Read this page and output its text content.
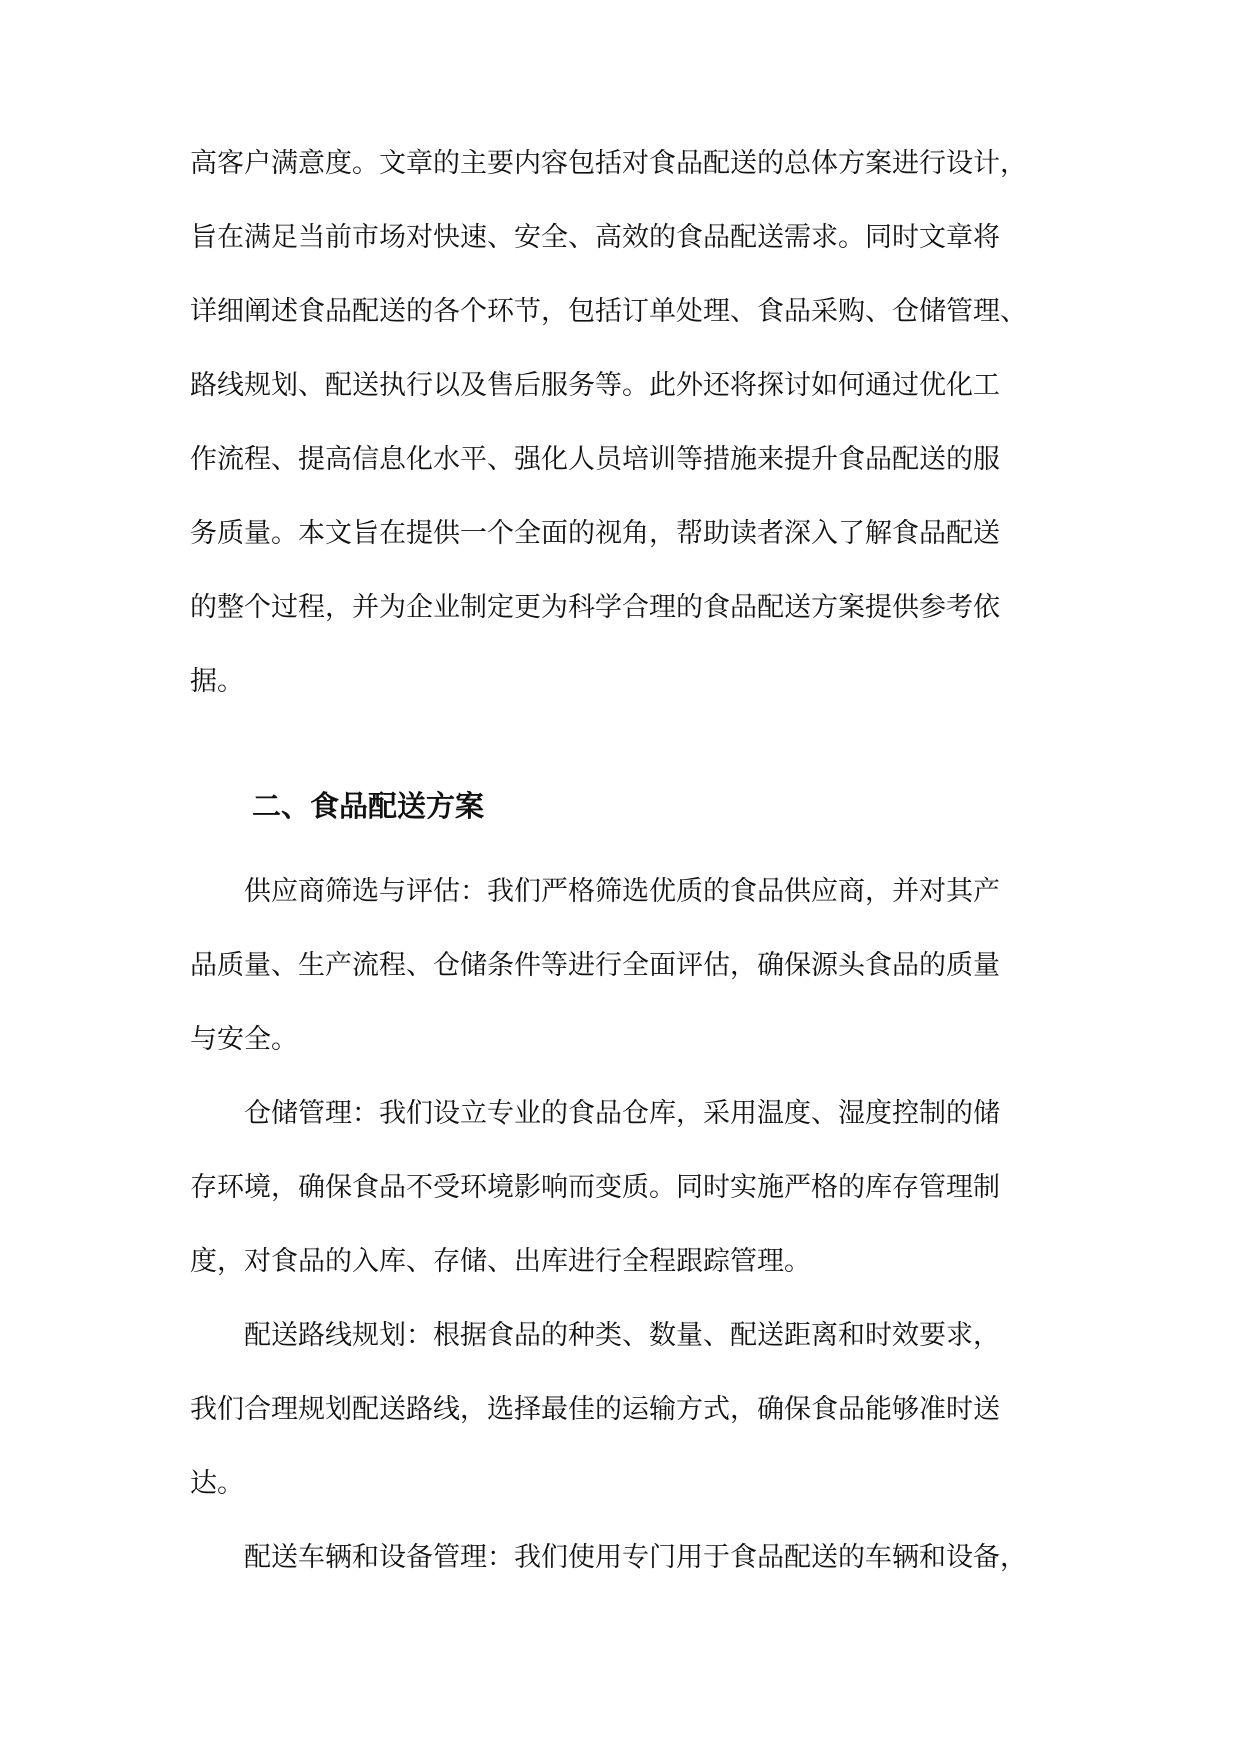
高客户满意度。文章的主要内容包括对食品配送的总体方案进行设计，

旨在满足当前市场对快速、安全、高效的食品配送需求。同时文章将

详细阐述食品配送的各个环节，包括订单处理、食品采购、仓储管理、

路线规划、配送执行以及售后服务等。此外还将探讨如何通过优化工

作流程、提高信息化水平、强化人员培训等措施来提升食品配送的服

务质量。本文旨在提供一个全面的视角，帮助读者深入了解食品配送

的整个过程，并为企业制定更为科学合理的食品配送方案提供参考依

据。

二、食品配送方案

供应商筛选与评估：我们严格筛选优质的食品供应商，并对其产

品质量、生产流程、仓储条件等进行全面评估，确保源头食品的质量

与安全。

仓储管理：我们设立专业的食品仓库，采用温度、湿度控制的储

存环境，确保食品不受环境影响而变质。同时实施严格的库存管理制

度，对食品的入库、存储、出库进行全程跟踪管理。

配送路线规划：根据食品的种类、数量、配送距离和时效要求，

我们合理规划配送路线，选择最佳的运输方式，确保食品能够准时送

达。

配送车辆和设备管理：我们使用专门用于食品配送的车辆和设备，
